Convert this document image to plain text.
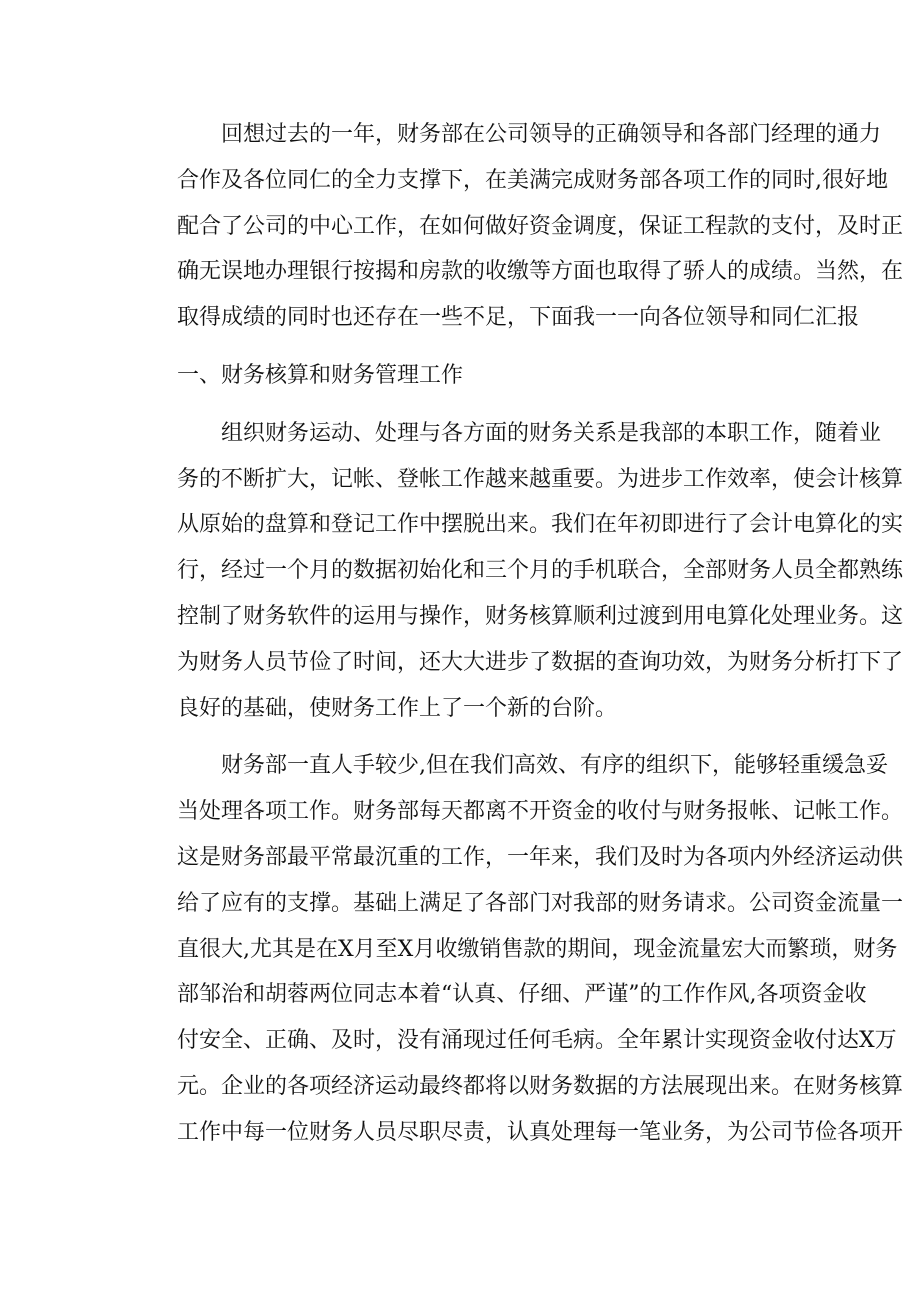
回想过去的一年，财务部在公司领导的正确领导和各部门经理的通力
合作及各位同仁的全力支撑下，在美满完成财务部各项工作的同时,很好地
配合了公司的中心工作，在如何做好资金调度，保证工程款的支付，及时正
确无误地办理银行按揭和房款的收缴等方面也取得了骄人的成绩。当然，在
取得成绩的同时也还存在一些不足，下面我一一向各位领导和同仁汇报
一、财务核算和财务管理工作
组织财务运动、处理与各方面的财务关系是我部的本职工作，随着业
务的不断扩大，记帐、登帐工作越来越重要。为进步工作效率，使会计核算
从原始的盘算和登记工作中摆脱出来。我们在年初即进行了会计电算化的实
行，经过一个月的数据初始化和三个月的手机联合，全部财务人员全都熟练
控制了财务软件的运用与操作，财务核算顺利过渡到用电算化处理业务。这
为财务人员节俭了时间，还大大进步了数据的查询功效，为财务分析打下了
良好的基础，使财务工作上了一个新的台阶。
财务部一直人手较少,但在我们高效、有序的组织下，能够轻重缓急妥
当处理各项工作。财务部每天都离不开资金的收付与财务报帐、记帐工作。
这是财务部最平常最沉重的工作，一年来，我们及时为各项内外经济运动供
给了应有的支撑。基础上满足了各部门对我部的财务请求。公司资金流量一
直很大,尤其是在X月至X月收缴销售款的期间，现金流量宏大而繁琐，财务
部邹治和胡蓉两位同志本着“认真、仔细、严谨”的工作作风,各项资金收
付安全、正确、及时，没有涌现过任何毛病。全年累计实现资金收付达X万
元。企业的各项经济运动最终都将以财务数据的方法展现出来。在财务核算
工作中每一位财务人员尽职尽责，认真处理每一笔业务，为公司节俭各项开
